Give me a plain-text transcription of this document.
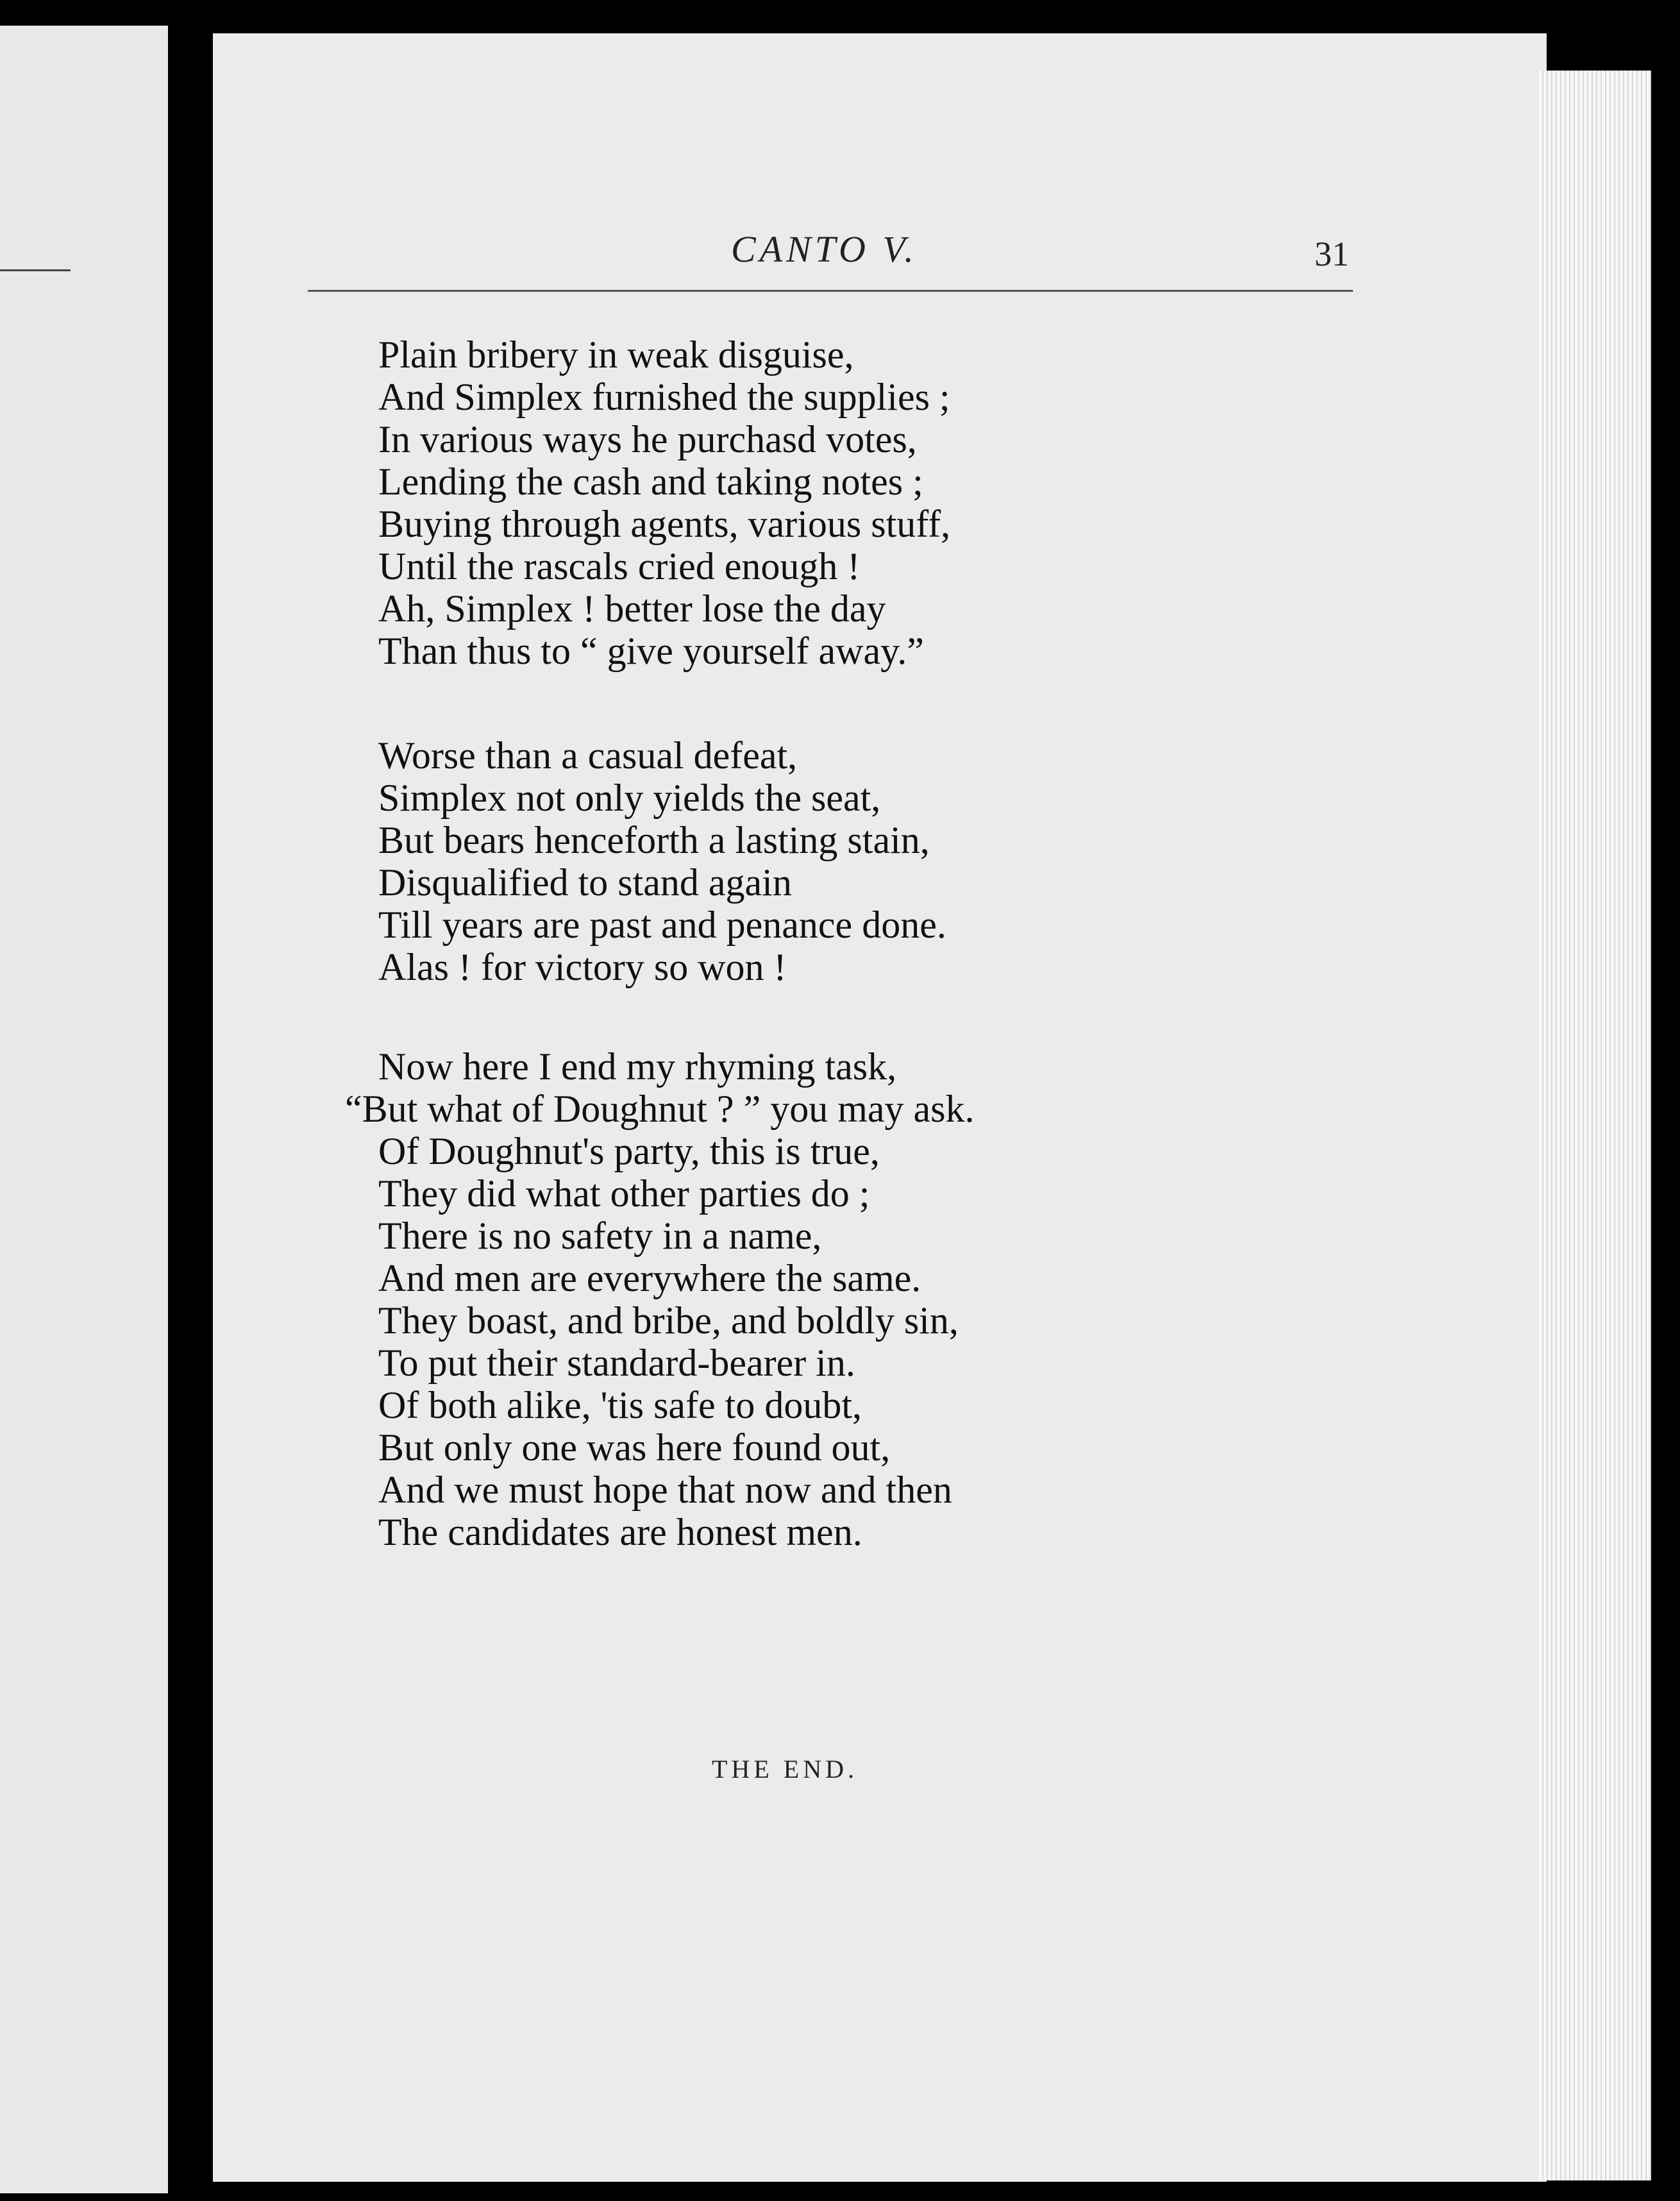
CANTO V.	31
Plain bribery in weak disguise,
And Simplex furnished the supplies ;
In various ways he purchasd votes,
Lending the cash and taking notes ;
Buying through agents, various stuff,
Until the rascals cried enough !
Ah, Simplex ! better lose the day
Than thus to “ give yourself away.”
Worse than a casual defeat,
Simplex not only yields the seat,
But bears henceforth a lasting stain,
Disqualified to stand again
Till years are past and penance done.
Alas ! for victory so won !
Now here I end my rhyming task,
“But what of Doughnut ? ” you may ask.
Of Doughnut's party, this is true,
They did what other parties do ;
There is no safety in a name,
And men are everywhere the same.
They boast, and bribe, and boldly sin,
To put their standard-bearer in.
Of both alike, 'tis safe to doubt,
But only one was here found out,
And we must hope that now and then
The candidates are honest men.
THE END.
